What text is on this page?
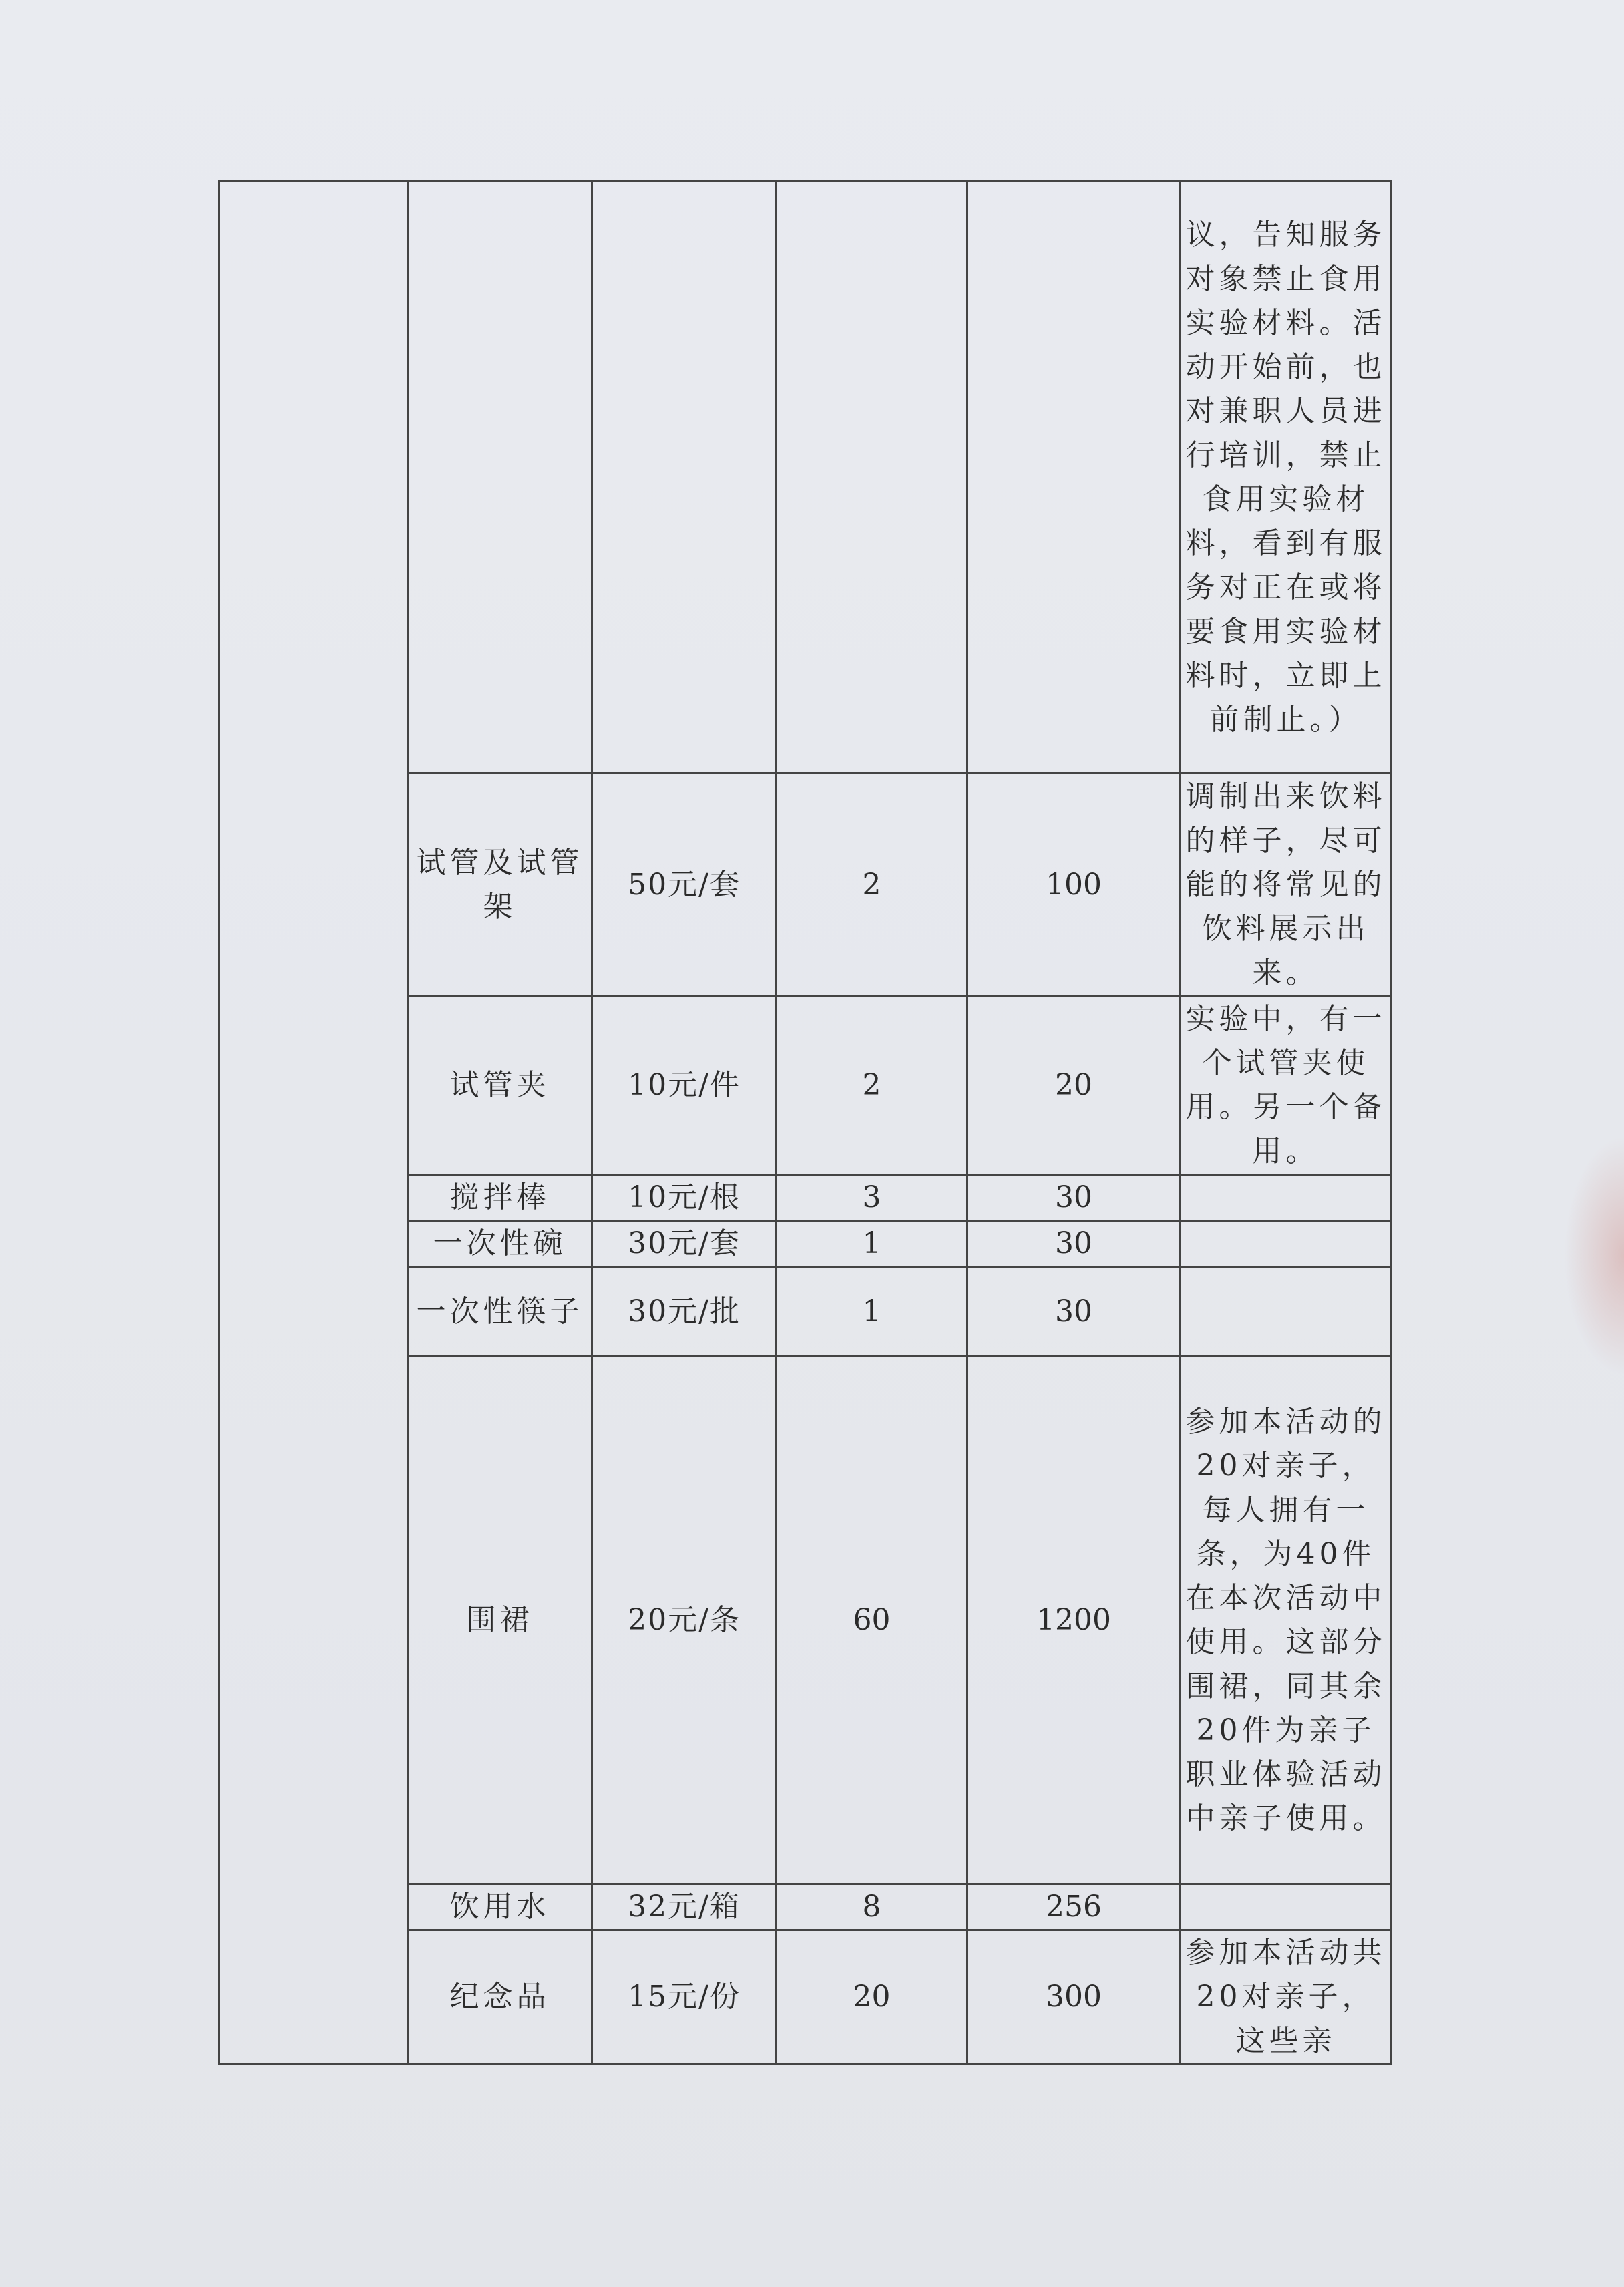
					议，告知服务对象禁止食用实验材料。活动开始前，也对兼职人员进行培训，禁止食用实验材料，看到有服务对正在或将要食用实验材料时，立即上前制止。）
	试管及试管架	50元/套	2	100	调制出来饮料的样子，尽可能的将常见的饮料展示出来。
	试管夹	10元/件	2	20	实验中，有一个试管夹使用。另一个备用。
	搅拌棒	10元/根	3	30	
	一次性碗	30元/套	1	30	
	一次性筷子	30元/批	1	30	
	围裙	20元/条	60	1200	参加本活动的20对亲子，每人拥有一条，为40件在本次活动中使用。这部分围裙，同其余20件为亲子职业体验活动中亲子使用。
	饮用水	32元/箱	8	256	
	纪念品	15元/份	20	300	参加本活动共20对亲子，这些亲
